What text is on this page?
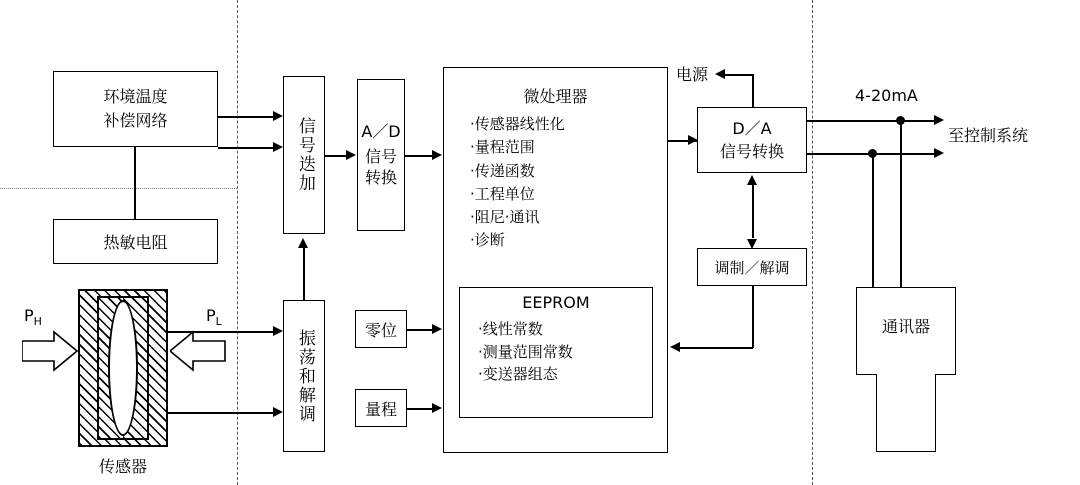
环境温度
补偿网络
热敏电阻
信号迭加	A／D
信号
转换
振荡和解调	零位
量程
微处理器
·传感器线性化
·量程范围
·传递函数
·工程单位
·阻尼·通讯
·诊断
EEPROM
·线性常数
·测量范围常数
·变送器组态
D／A
信号转换
调制／解调
通讯器
传感器
$P_H$	$P_L$
电源
4-20mA
至控制系统
